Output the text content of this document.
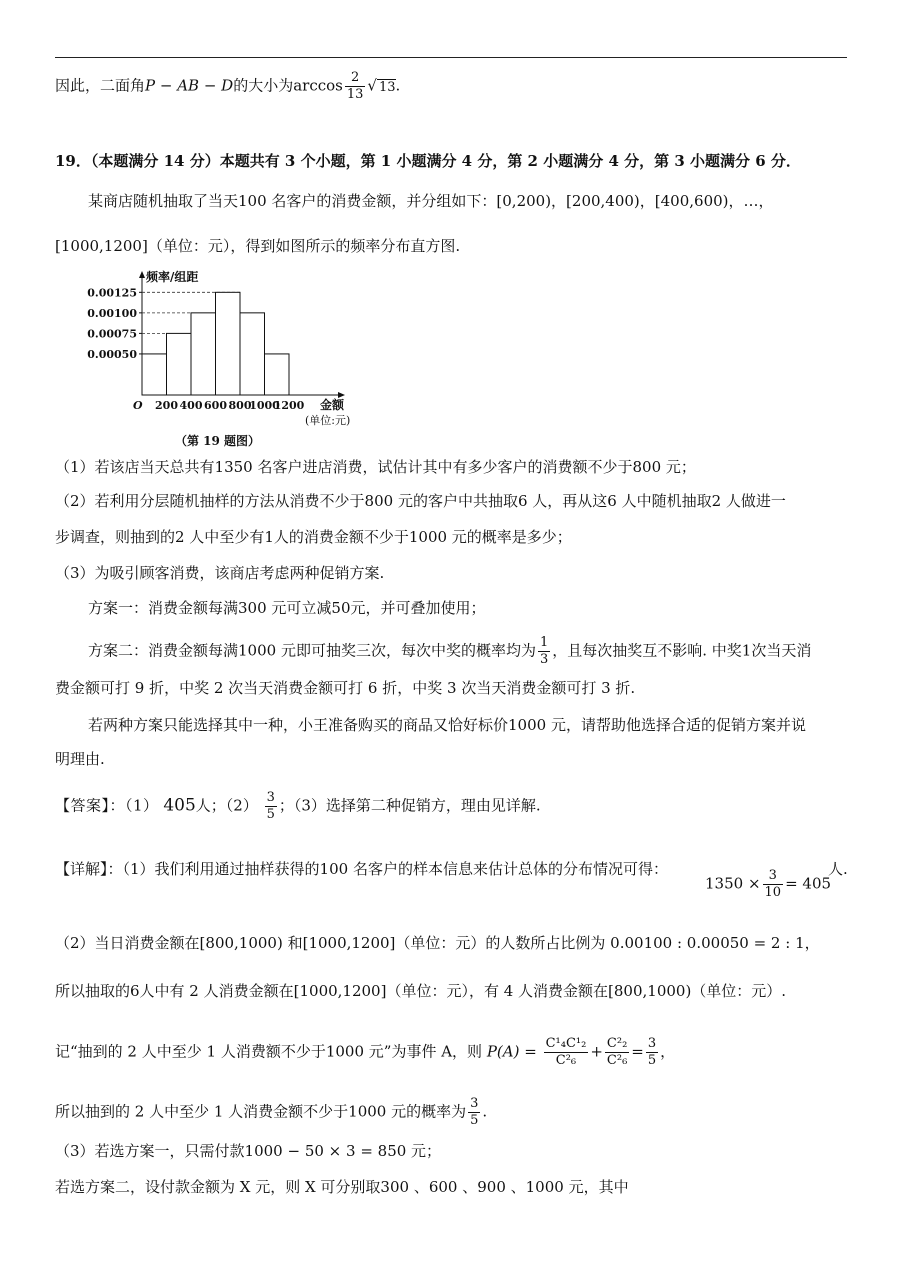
因此，二面角P − AB − D的大小为$\arccos \frac{2}{13}$ √ 13.
19．（本题满分 14 分）本题共有 3 个小题，第 1 小题满分 4 分，第 2 小题满分 4 分，第 3 小题满分 6 分．
某商店随机抽取了当天100 名客户的消费金额，并分组如下：[0,200)，[200,400)，[400,600)，…，
[1000,1200]（单位：元），得到如图所示的频率分布直方图.
0.00050
0.00075
0.00100
0.00125
200 400 600 800
1000
1200
O
频率/组距
金额
(单位:元)
（第 19 题图）
（1）若该店当天总共有1350 名客户进店消费，试估计其中有多少客户的消费额不少于800 元；
（2）若利用分层随机抽样的方法从消费不少于800 元的客户中共抽取6 人，再从这6 人中随机抽取2 人做进一
步调查，则抽到的2 人中至少有1人的消费金额不少于1000 元的概率是多少；
（3）为吸引顾客消费，该商店考虑两种促销方案.
方案一：消费金额每满300 元可立减50元，并可叠加使用；
方案二：消费金额每满1000 元即可抽奖三次，每次中奖的概率均为 $\frac{1}{3}$ ，且每次抽奖互不影响. 中奖1次当天消
费金额可打 9 折，中奖 2 次当天消费金额可打 6 折，中奖 3 次当天消费金额可打 3 折.
若两种方案只能选择其中一种，小王准备购买的商品又恰好标价1000 元，请帮助他选择合适的促销方案并说
明理由.
【答案】：（1） 405人；$(2) \frac{3}{5}$ ；（3）选择第二种促销方，理由见详解.
【详解】：（1）我们利用通过抽样获得的100 名客户的样本信息来估计总体的分布情况可得：
$1350 \times \frac{3}{10} = 405$
人.
（2）当日消费金额在[800,1000) 和[1000,1200]（单位：元）的人数所占比例为 0.00100 : 0.00050 = 2 : 1，
所以抽取的6人中有 2 人消费金额在[1000,1200]（单位：元），有 4 人消费金额在[800,1000)（单位：元）.
记“抽到的 2 人中至少 1 人消费额不少于1000 元”为事件 A，则 $P(A) = \frac{\text{C¹₄C¹₂}}{\text{C²₆}} + \frac{\text{C²₂}}{\text{C²₆}} = \frac{3}{5}$ ，
所以抽到的 2 人中至少 1 人消费金额不少于1000 元的概率为 $\frac{3}{5}$ .
（3）若选方案一，只需付款1000 − 50 × 3 = 850 元；
若选方案二，设付款金额为 X 元，则 X 可分别取300 、600 、900 、1000 元，其中
